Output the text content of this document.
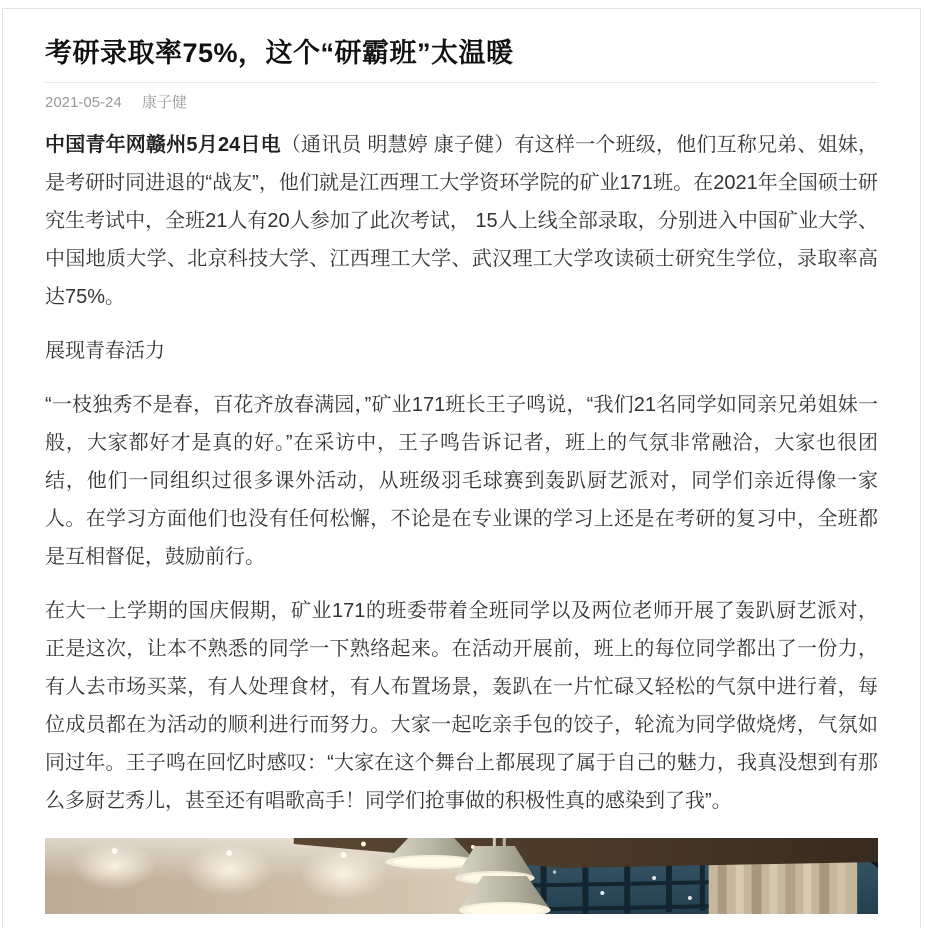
考研录取率75%，这个“研霸班”太温暖
2021-05-24 康子健

中国青年网赣州5月24日电（通讯员 明慧婷 康子健）有这样一个班级，他们互称兄弟、姐妹，是考研时同进退的“战友”，他们就是江西理工大学资环学院的矿业171班。在2021年全国硕士研究生考试中，全班21人有20人参加了此次考试， 15人上线全部录取，分别进入中国矿业大学、中国地质大学、北京科技大学、江西理工大学、武汉理工大学攻读硕士研究生学位，录取率高达75%。

展现青春活力

“一枝独秀不是春，百花齐放春满园，”矿业171班长王子鸣说，“我们21名同学如同亲兄弟姐妹一般，大家都好才是真的好。”在采访中，王子鸣告诉记者，班上的气氛非常融洽，大家也很团结，他们一同组织过很多课外活动，从班级羽毛球赛到轰趴厨艺派对，同学们亲近得像一家人。在学习方面他们也没有任何松懈，不论是在专业课的学习上还是在考研的复习中，全班都是互相督促，鼓励前行。

在大一上学期的国庆假期，矿业171的班委带着全班同学以及两位老师开展了轰趴厨艺派对，正是这次，让本不熟悉的同学一下熟络起来。在活动开展前，班上的每位同学都出了一份力，有人去市场买菜，有人处理食材，有人布置场景，轰趴在一片忙碌又轻松的气氛中进行着，每位成员都在为活动的顺利进行而努力。大家一起吃亲手包的饺子，轮流为同学做烧烤，气氛如同过年。王子鸣在回忆时感叹：“大家在这个舞台上都展现了属于自己的魅力，我真没想到有那么多厨艺秀儿，甚至还有唱歌高手！同学们抢事做的积极性真的感染到了我”。
